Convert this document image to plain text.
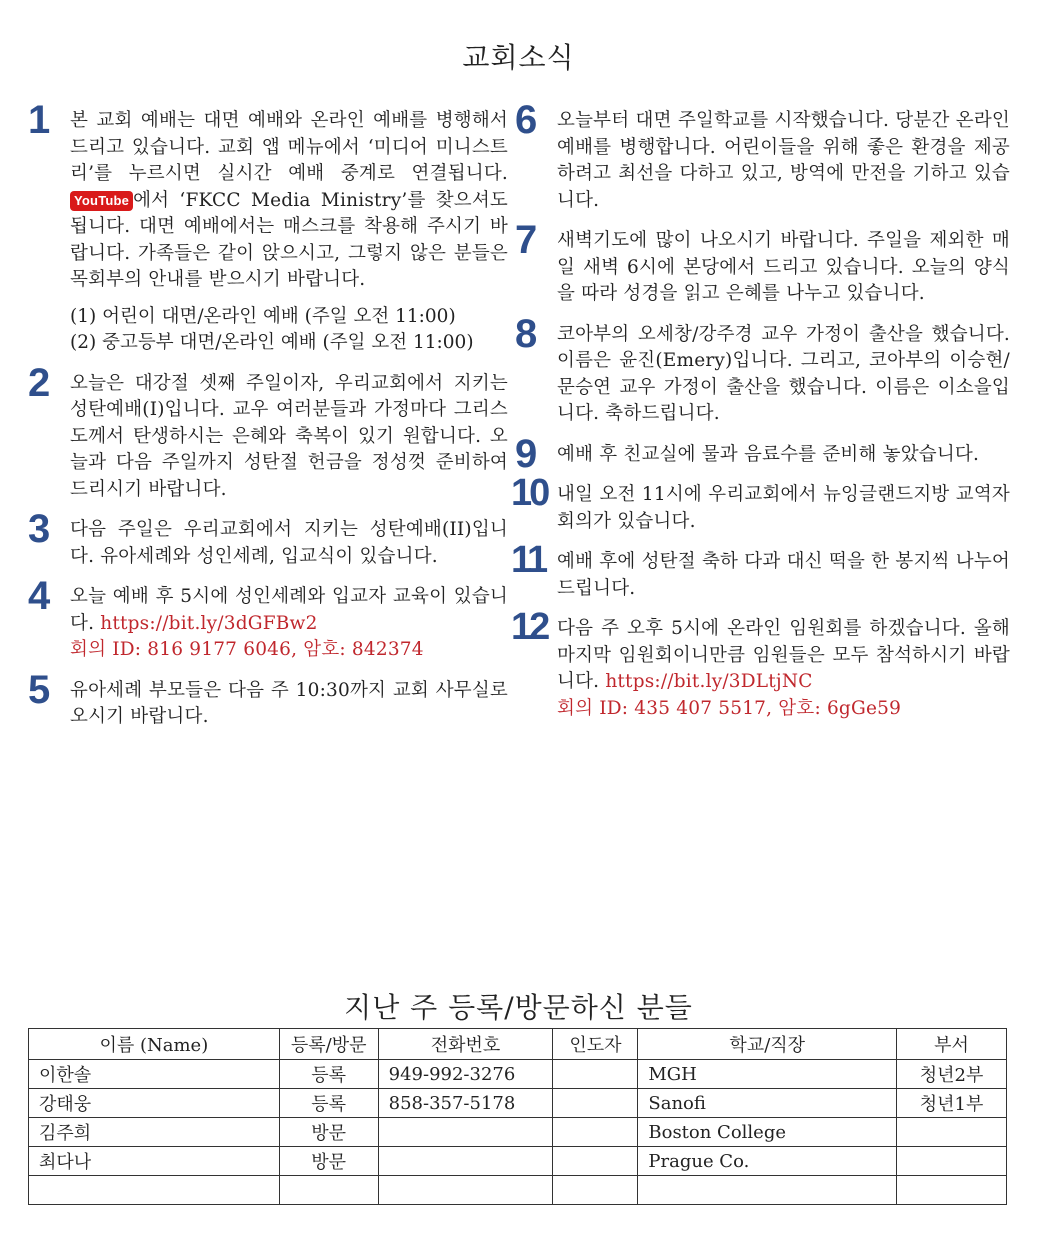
교회소식
1 본 교회 예배는 대면 예배와 온라인 예배를 병행해서 드리고 있습니다. 교회 앱 메뉴에서 ‘미디어 미니스트리’를 누르시면 실시간 예배 중계로 연결됩니다. YouTube 에서 ‘FKCC Media Ministry’를 찾으셔도 됩니다. 대면 예배에서는 매스크를 착용해 주시기 바랍니다. 가족들은 같이 앉으시고, 그렇지 않은 분들은 목회부의 안내를 받으시기 바랍니다.
(1) 어린이 대면/온라인 예배 (주일 오전 11:00)
(2) 중고등부 대면/온라인 예배 (주일 오전 11:00)
2 오늘은 대강절 셋째 주일이자, 우리교회에서 지키는 성탄예배(I)입니다. 교우 여러분들과 가정마다 그리스도께서 탄생하시는 은혜와 축복이 있기 원합니다. 오늘과 다음 주일까지 성탄절 헌금을 정성껏 준비하여 드리시기 바랍니다.
3 다음 주일은 우리교회에서 지키는 성탄예배(II)입니다. 유아세례와 성인세례, 입교식이 있습니다.
4 오늘 예배 후 5시에 성인세례와 입교자 교육이 있습니다. https://bit.ly/3dGFBw2
회의 ID: 816 9177 6046, 암호: 842374
5 유아세례 부모들은 다음 주 10:30까지 교회 사무실로 오시기 바랍니다.
6 오늘부터 대면 주일학교를 시작했습니다. 당분간 온라인예배를 병행합니다. 어린이들을 위해 좋은 환경을 제공하려고 최선을 다하고 있고, 방역에 만전을 기하고 있습니다.
7 새벽기도에 많이 나오시기 바랍니다. 주일을 제외한 매일 새벽 6시에 본당에서 드리고 있습니다. 오늘의 양식을 따라 성경을 읽고 은혜를 나누고 있습니다.
8 코아부의 오세창/강주경 교우 가정이 출산을 했습니다. 이름은 윤진(Emery)입니다. 그리고, 코아부의 이승현/문승연 교우 가정이 출산을 했습니다. 이름은 이소을입니다. 축하드립니다.
9 예배 후 친교실에 물과 음료수를 준비해 놓았습니다.
10 내일 오전 11시에 우리교회에서 뉴잉글랜드지방 교역자 회의가 있습니다.
11 예배 후에 성탄절 축하 다과 대신 떡을 한 봉지씩 나누어 드립니다.
12 다음 주 오후 5시에 온라인 임원회를 하겠습니다. 올해 마지막 임원회이니만큼 임원들은 모두 참석하시기 바랍니다. https://bit.ly/3DLtjNC
회의 ID: 435 407 5517, 암호: 6gGe59
지난 주 등록/방문하신 분들
이름 (Name)	등록/방문	전화번호	인도자	학교/직장	부서
이한솔	등록	949-992-3276		MGH	청년2부
강태웅	등록	858-357-5178		Sanofi	청년1부
김주희	방문			Boston College	
최다나	방문			Prague Co.	
